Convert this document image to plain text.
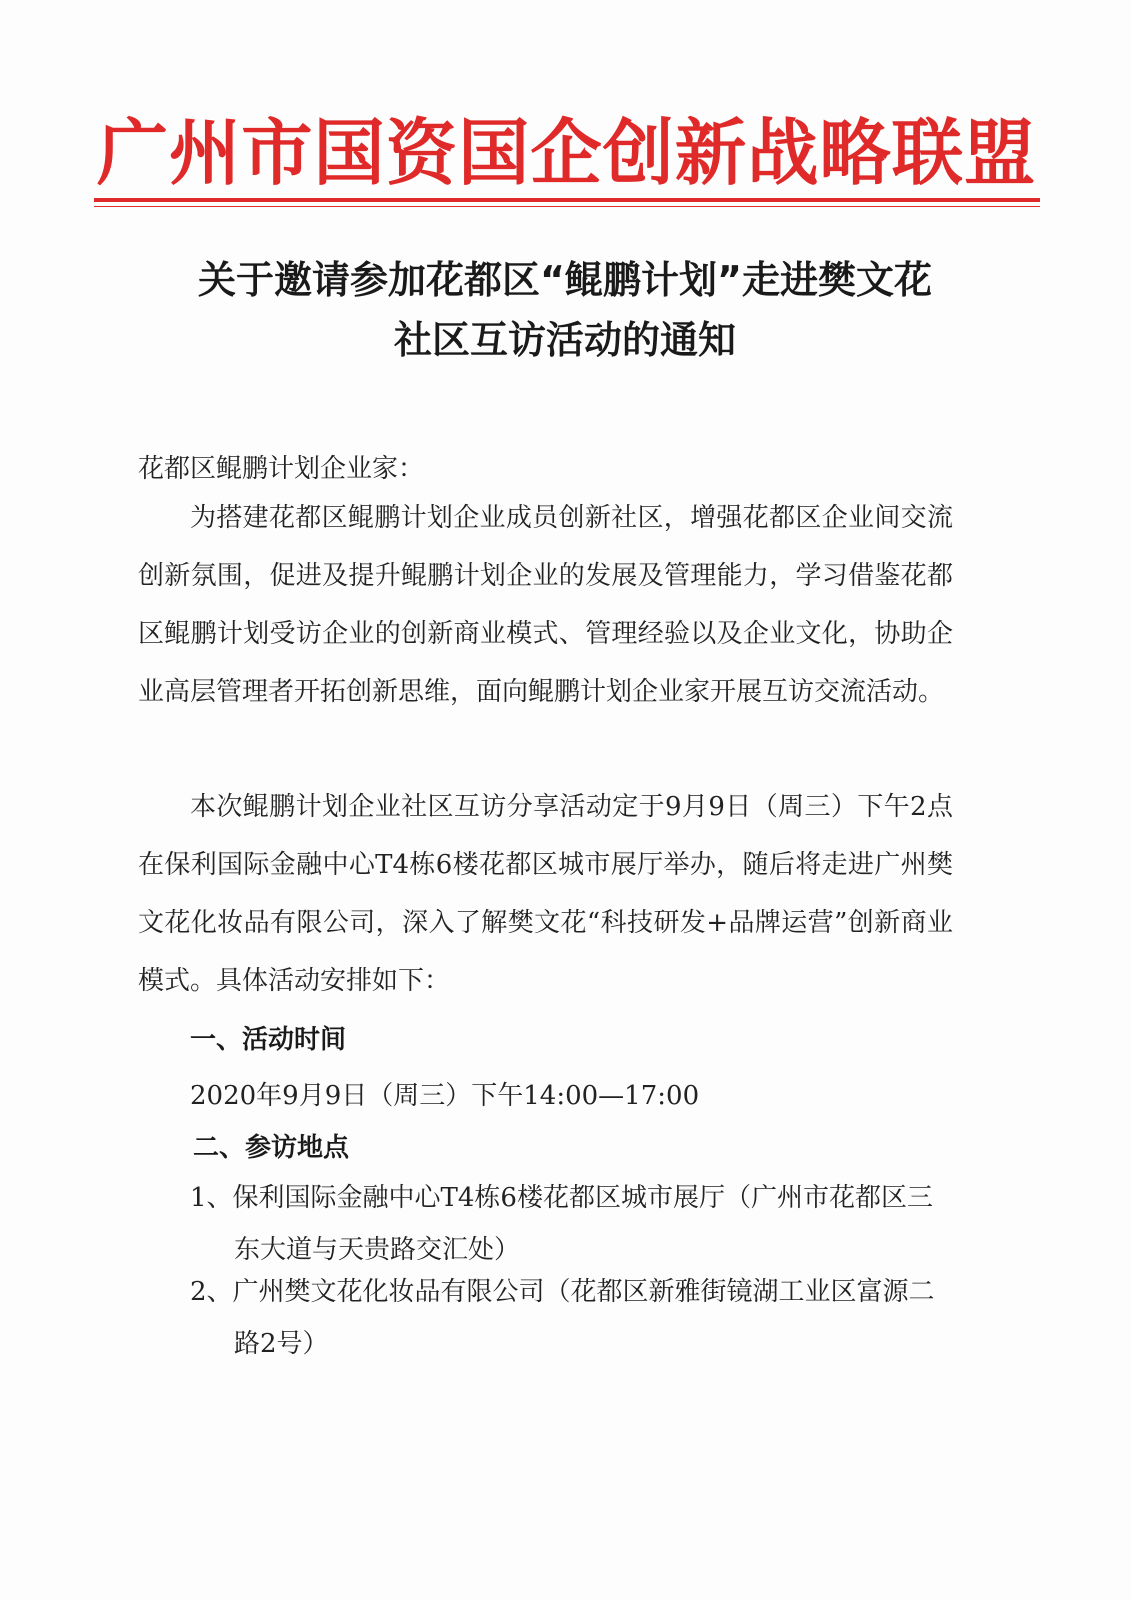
广州市国资国企创新战略联盟
关于邀请参加花都区“鲲鹏计划”走进樊文花
社区互访活动的通知
花都区鲲鹏计划企业家：
为搭建花都区鲲鹏计划企业成员创新社区，增强花都区企业间交流创新氛围，促进及提升鲲鹏计划企业的发展及管理能力，学习借鉴花都区鲲鹏计划受访企业的创新商业模式、管理经验以及企业文化，协助企业高层管理者开拓创新思维，面向鲲鹏计划企业家开展互访交流活动。
本次鲲鹏计划企业社区互访分享活动定于9月9日（周三）下午2点在保利国际金融中心T4栋6楼花都区城市展厅举办，随后将走进广州樊文花化妆品有限公司，深入了解樊文花“科技研发+品牌运营”创新商业模式。具体活动安排如下：
一、活动时间
2020年9月9日（周三）下午14:00—17:00
二、参访地点
1、保利国际金融中心T4栋6楼花都区城市展厅（广州市花都区三东大道与天贵路交汇处）
2、广州樊文花化妆品有限公司（花都区新雅街镜湖工业区富源二路2号）
